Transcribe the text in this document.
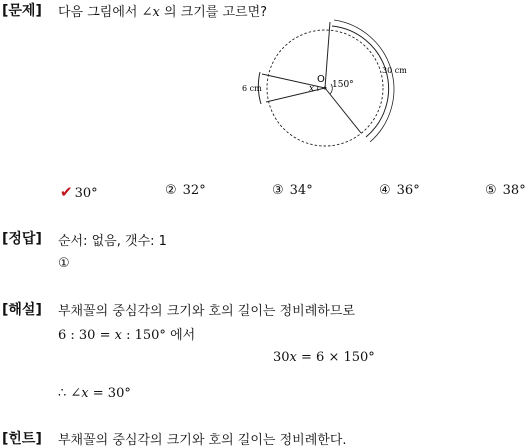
[문제] 다음 그림에서 ∠x 의 크기를 고르면?
O
x 150°
6 cm
30 cm
✔ 30°	② 32°	③ 34°	④ 36°	⑤ 38°
[정답] 순서: 없음, 갯수: 1
①
[해설] 부채꼴의 중심각의 크기와 호의 길이는 정비례하므로
6 : 30 = x : 150° 에서
30x = 6 × 150°
∴ ∠x = 30°
[힌트] 부채꼴의 중심각의 크기와 호의 길이는 정비례한다.
